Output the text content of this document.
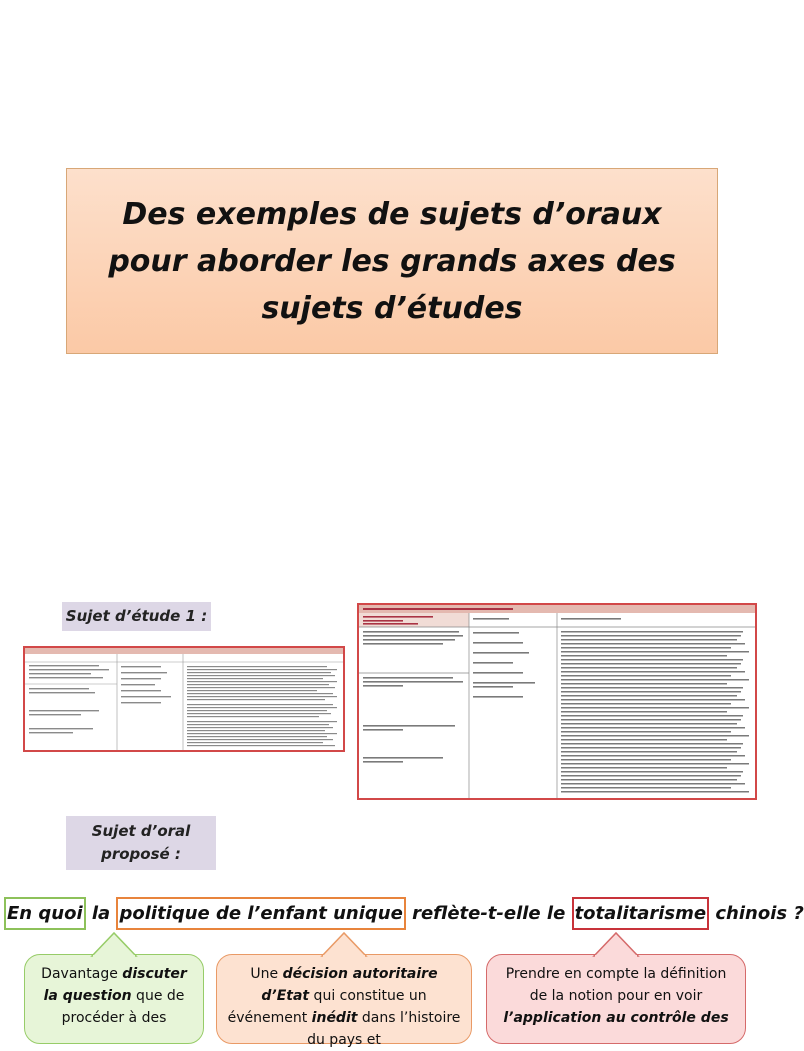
Des exemples de sujets d’oraux pour aborder les grands axes des sujets d’études
Sujet d’étude 1 :
Sujet d’oral proposé :
En quoi la politique de l’enfant unique reflète-t-elle le totalitarisme chinois ?
Davantage discuter la question que de procéder à des
Une décision autoritaire d’Etat qui constitue un événement inédit dans l’histoire du pays et
Prendre en compte la définition de la notion pour en voir l’application au contrôle des
